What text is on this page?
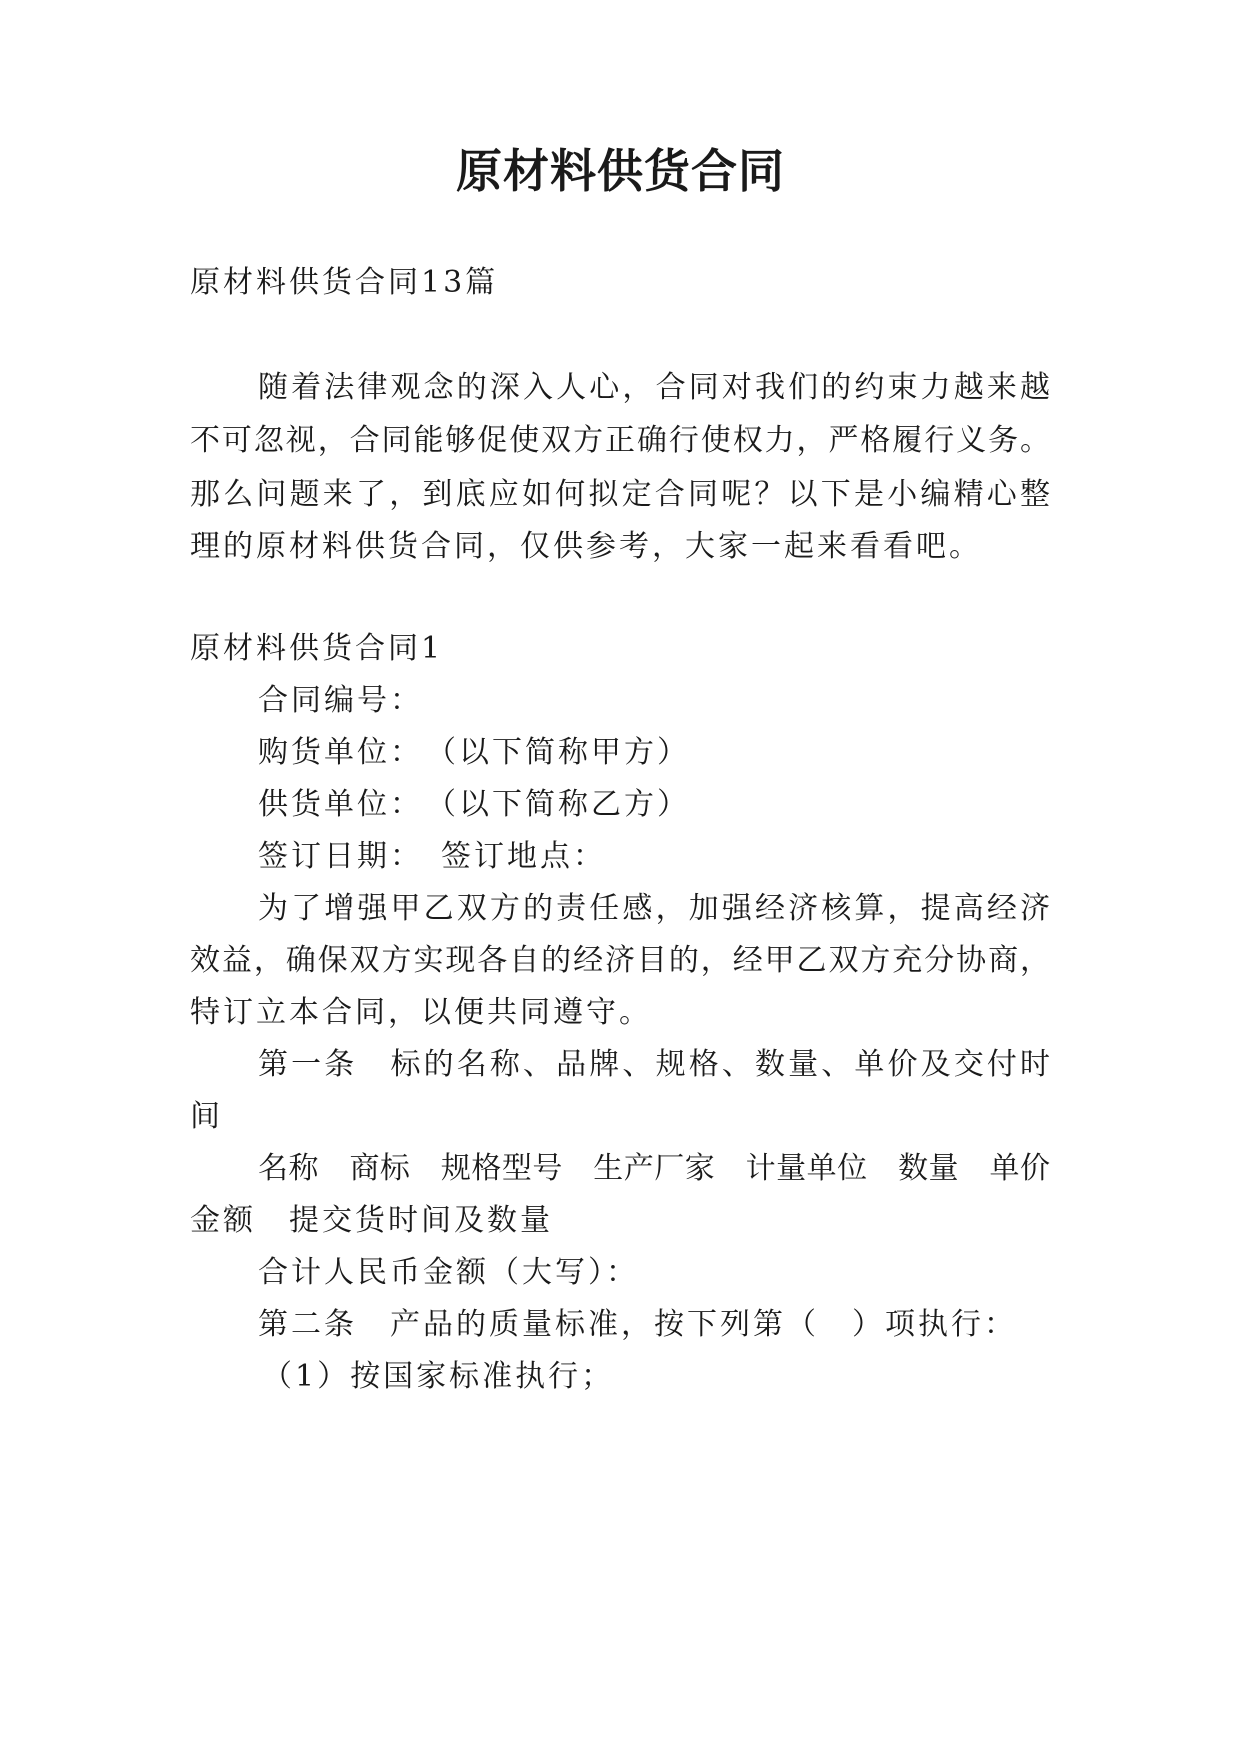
原材料供货合同
原材料供货合同13篇
随着法律观念的深入人心，合同对我们的约束力越来越
不可忽视，合同能够促使双方正确行使权力，严格履行义务。
那么问题来了，到底应如何拟定合同呢？以下是小编精心整
理的原材料供货合同，仅供参考，大家一起来看看吧。
原材料供货合同1
合同编号：
购货单位：　（以下简称甲方）
供货单位：　（以下简称乙方）
签订日期：　签订地点：
为了增强甲乙双方的责任感，加强经济核算，提高经济
效益，确保双方实现各自的经济目的，经甲乙双方充分协商，
特订立本合同，以便共同遵守。
第一条　标的名称、品牌、规格、数量、单价及交付时
间
名称　商标　规格型号　生产厂家　计量单位　数量　单价
金额　提交货时间及数量
合计人民币金额（大写）：
第二条　产品的质量标准，按下列第（　）项执行：
（1）按国家标准执行；
